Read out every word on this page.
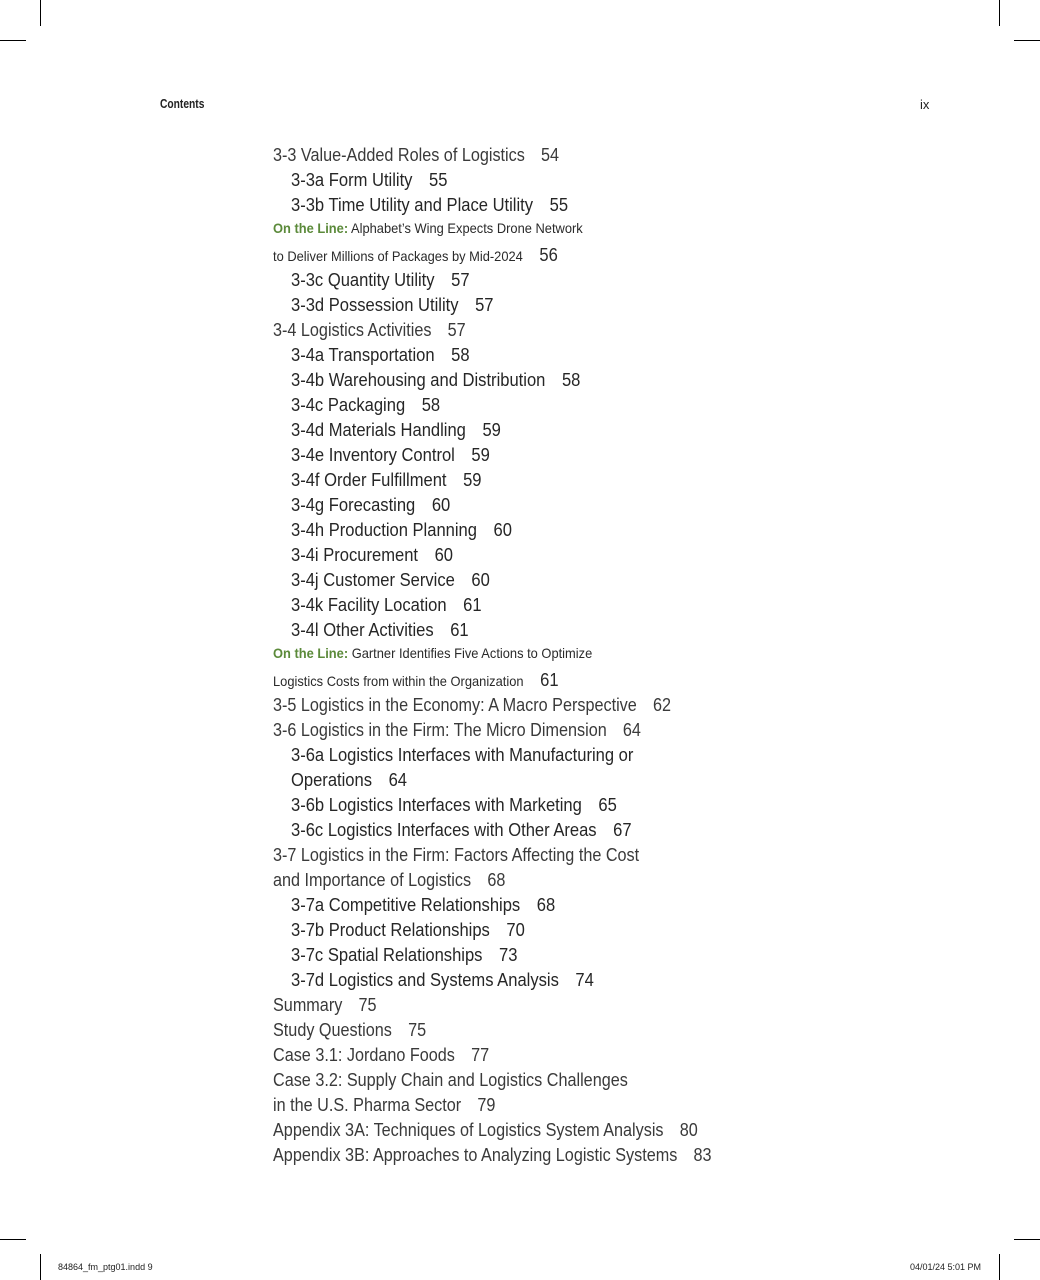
Contents	ix
3-3 Value-Added Roles of Logistics 54
3-3a Form Utility 55
3-3b Time Utility and Place Utility 55
On the Line: Alphabet’s Wing Expects Drone Network
to Deliver Millions of Packages by Mid-2024 56
3-3c Quantity Utility 57
3-3d Possession Utility 57
3-4 Logistics Activities 57
3-4a Transportation 58
3-4b Warehousing and Distribution 58
3-4c Packaging 58
3-4d Materials Handling 59
3-4e Inventory Control 59
3-4f Order Fulfillment 59
3-4g Forecasting 60
3-4h Production Planning 60
3-4i Procurement 60
3-4j Customer Service 60
3-4k Facility Location 61
3-4l Other Activities 61
On the Line: Gartner Identifies Five Actions to Optimize
Logistics Costs from within the Organization 61
3-5 Logistics in the Economy: A Macro Perspective 62
3-6 Logistics in the Firm: The Micro Dimension 64
3-6a Logistics Interfaces with Manufacturing or
Operations 64
3-6b Logistics Interfaces with Marketing 65
3-6c Logistics Interfaces with Other Areas 67
3-7 Logistics in the Firm: Factors Affecting the Cost
and Importance of Logistics 68
3-7a Competitive Relationships 68
3-7b Product Relationships 70
3-7c Spatial Relationships 73
3-7d Logistics and Systems Analysis 74
Summary 75
Study Questions 75
Case 3.1: Jordano Foods 77
Case 3.2: Supply Chain and Logistics Challenges
in the U.S. Pharma Sector 79
Appendix 3A: Techniques of Logistics System Analysis 80
Appendix 3B: Approaches to Analyzing Logistic Systems 83
84864_fm_ptg01.indd 9	04/01/24 5:01 PM
